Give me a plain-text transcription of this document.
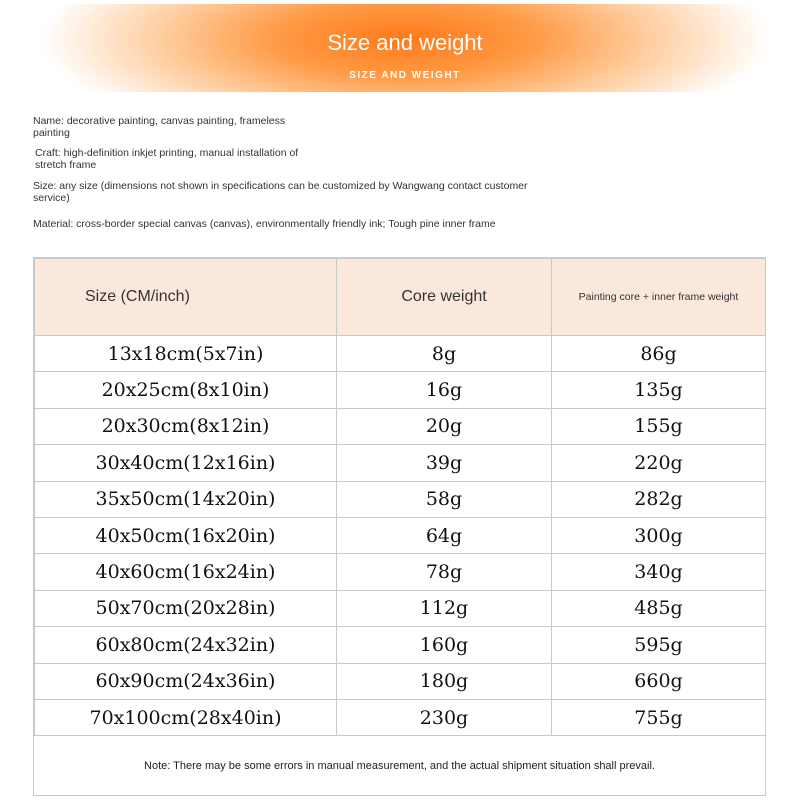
Size and weight
SIZE AND WEIGHT
Name: decorative painting, canvas painting, frameless
painting
Craft: high-definition inkjet printing, manual installation of
stretch frame
Size: any size (dimensions not shown in specifications can be customized by Wangwang contact customer
service)
Material: cross-border special canvas (canvas), environmentally friendly ink; Tough pine inner frame
Size (CM/inch)	Core weight	Painting core + inner frame weight
13x18cm(5x7in)	8g	86g
20x25cm(8x10in)	16g	135g
20x30cm(8x12in)	20g	155g
30x40cm(12x16in)	39g	220g
35x50cm(14x20in)	58g	282g
40x50cm(16x20in)	64g	300g
40x60cm(16x24in)	78g	340g
50x70cm(20x28in)	112g	485g
60x80cm(24x32in)	160g	595g
60x90cm(24x36in)	180g	660g
70x100cm(28x40in)	230g	755g
Note: There may be some errors in manual measurement, and the actual shipment situation shall prevail.
